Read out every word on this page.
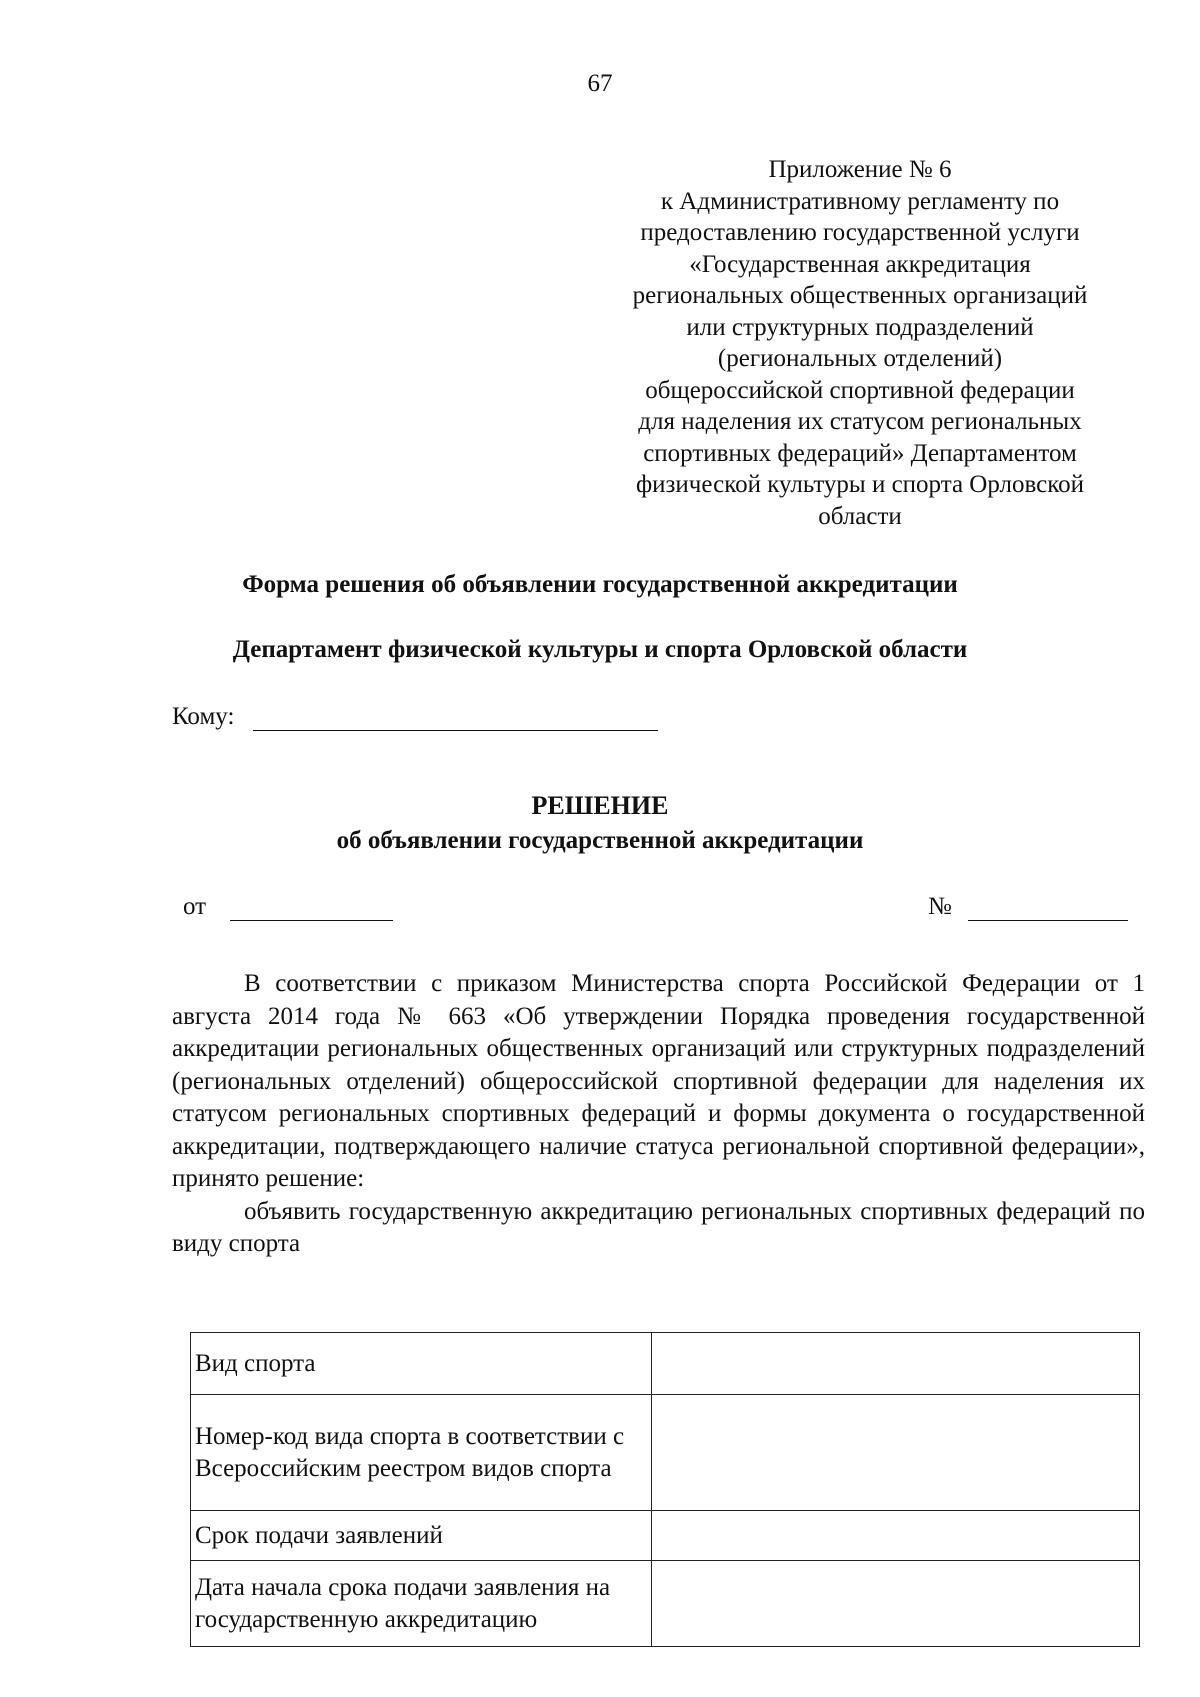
67
Приложение № 6
к Административному регламенту по
предоставлению государственной услуги
«Государственная аккредитация
региональных общественных организаций
или структурных подразделений
(региональных отделений)
общероссийской спортивной федерации
для наделения их статусом региональных
спортивных федераций» Департаментом
физической культуры и спорта Орловской
области
Форма решения об объявлении государственной аккредитации
Департамент физической культуры и спорта Орловской области
Кому:
РЕШЕНИЕ
об объявлении государственной аккредитации
от	№

В соответствии с приказом Министерства спорта Российской Федерации от 1 августа 2014 года № 663 «Об утверждении Порядка проведения государственной аккредитации региональных общественных организаций или структурных подразделений (региональных отделений) общероссийской спортивной федерации для наделения их статусом региональных спортивных федераций и формы документа о государственной аккредитации, подтверждающего наличие статуса региональной спортивной федерации», принято решение:

объявить государственную аккредитацию региональных спортивных федераций по виду спорта

Вид спорта	
Номер-код вида спорта в соответствии с Всероссийским реестром видов спорта	
Срок подачи заявлений	
Дата начала срока подачи заявления на государственную аккредитацию	
